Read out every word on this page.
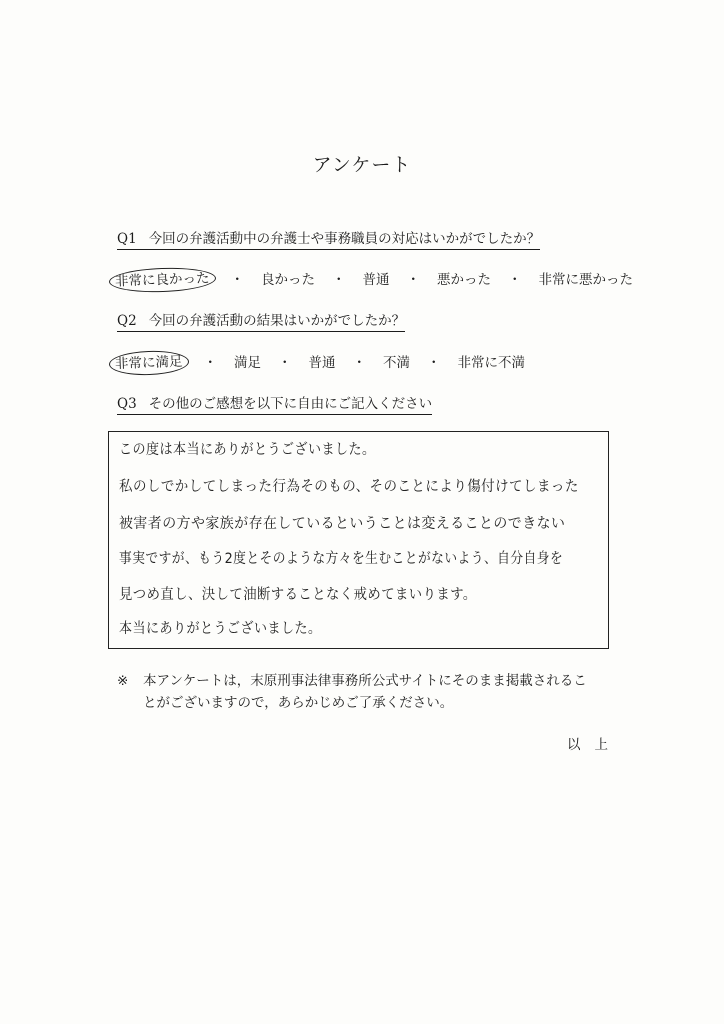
アンケート
Q1 今回の弁護活動中の弁護士や事務職員の対応はいかがでしたか？
非常に良かった	・ 良かった ・ 普通 ・ 悪かった ・ 非常に悪かった
Q2 今回の弁護活動の結果はいかがでしたか？
非常に満足	・ 満足 ・ 普通 ・ 不満 ・ 非常に不満
Q3 その他のご感想を以下に自由にご記入ください
この度は本当にありがとうございました。
私のしでかしてしまった行為そのもの、そのことにより傷付けてしまった
被害者の方や家族が存在しているということは変えることのできない
事実ですが、もう2度とそのような方々を生むことがないよう、自分自身を
見つめ直し、決して油断することなく戒めてまいります。
本当にありがとうございました。
※ 本アンケートは，末原刑事法律事務所公式サイトにそのまま掲載されるこ
とがございますので，あらかじめご了承ください。
以上
